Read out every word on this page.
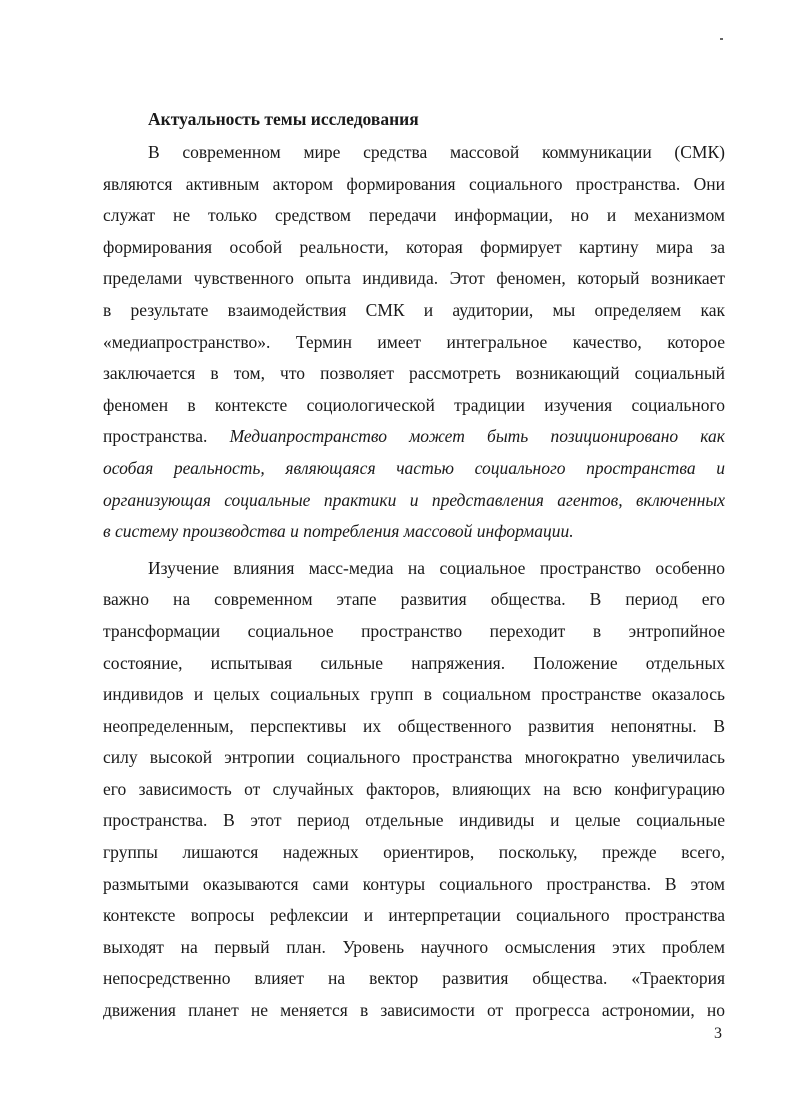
Актуальность темы исследования
В современном мире средства массовой коммуникации (СМК)
являются активным актором формирования социального пространства. Они
служат не только средством передачи информации, но и механизмом
формирования особой реальности, которая формирует картину мира за
пределами чувственного опыта индивида. Этот феномен, который возникает
в результате взаимодействия СМК и аудитории, мы определяем как
«медиапространство». Термин имеет интегральное качество, которое
заключается в том, что позволяет рассмотреть возникающий социальный
феномен в контексте социологической традиции изучения социального
пространства. Медиапространство может быть позиционировано как
особая реальность, являющаяся частью социального пространства и
организующая социальные практики и представления агентов, включенных
в систему производства и потребления массовой информации.
Изучение влияния масс-медиа на социальное пространство особенно
важно на современном этапе развития общества. В период его
трансформации социальное пространство переходит в энтропийное
состояние, испытывая сильные напряжения. Положение отдельных
индивидов и целых социальных групп в социальном пространстве оказалось
неопределенным, перспективы их общественного развития непонятны. В
силу высокой энтропии социального пространства многократно увеличилась
его зависимость от случайных факторов, влияющих на всю конфигурацию
пространства. В этот период отдельные индивиды и целые социальные
группы лишаются надежных ориентиров, поскольку, прежде всего,
размытыми оказываются сами контуры социального пространства. В этом
контексте вопросы рефлексии и интерпретации социального пространства
выходят на первый план. Уровень научного осмысления этих проблем
непосредственно влияет на вектор развития общества. «Траектория
движения планет не меняется в зависимости от прогресса астрономии, но
3
